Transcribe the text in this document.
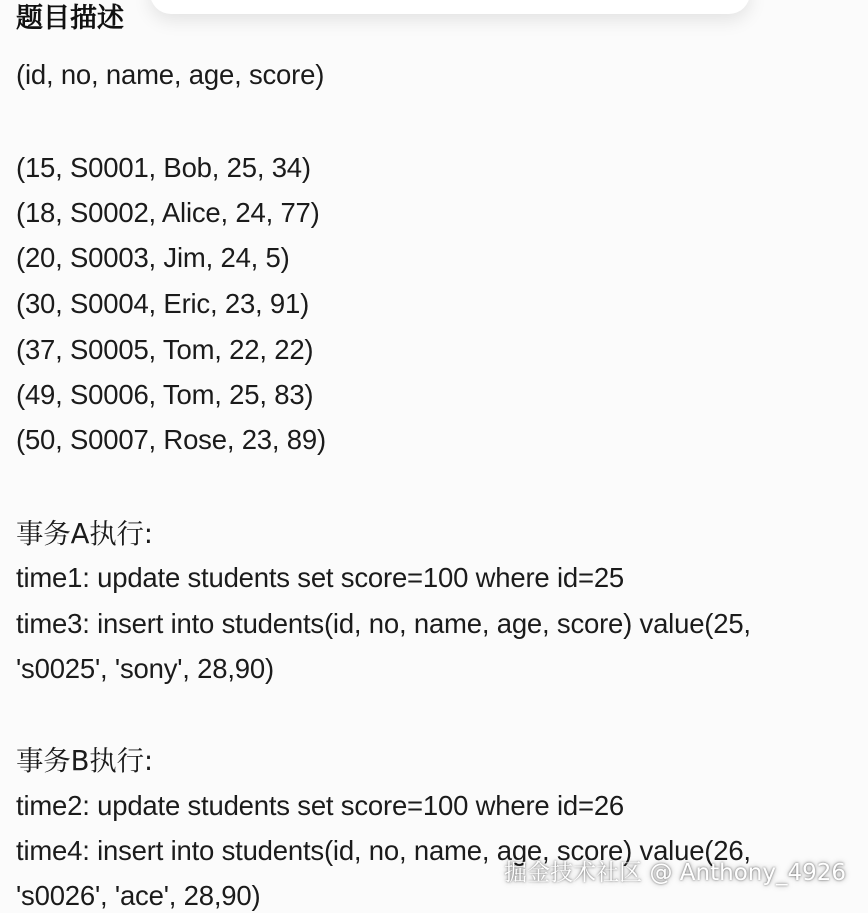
题目描述
(id, no, name, age, score)
(15, S0001, Bob, 25, 34)
(18, S0002, Alice, 24, 77)
(20, S0003, Jim, 24, 5)
(30, S0004, Eric, 23, 91)
(37, S0005, Tom, 22, 22)
(49, S0006, Tom, 25, 83)
(50, S0007, Rose, 23, 89)
事务A执行:
time1: update students set score=100 where id=25
time3: insert into students(id, no, name, age, score) value(25,
's0025', 'sony', 28,90)
事务B执行:
time2: update students set score=100 where id=26
time4: insert into students(id, no, name, age, score) value(26,
's0026', 'ace', 28,90)
掘金技术社区 @ Anthony_4926
